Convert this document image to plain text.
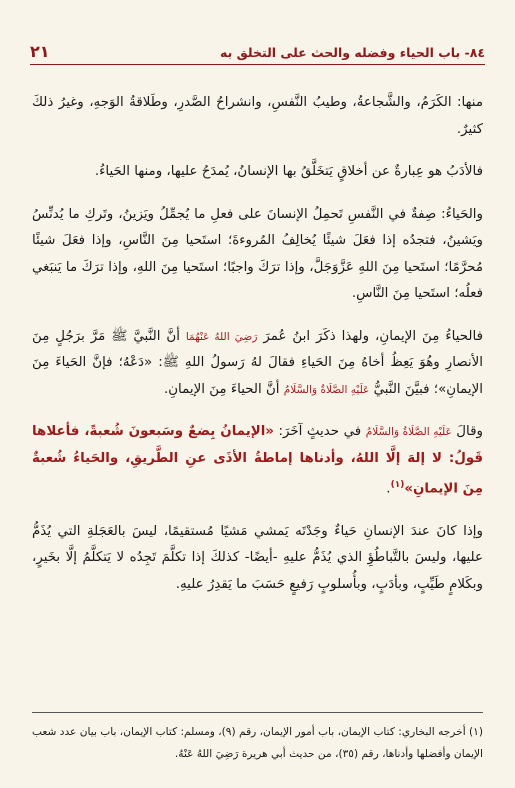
٨٤- باب الحياء وفضله والحث على التخلق به
٢١

منها: الكَرَمُ، والشَّجاعةُ، وطيبُ النَّفسِ، وانشراحُ الصَّدرِ، وطَلاقةُ الوَجهِ، وغيرُ ذلكَ كثيرٌ.

فالأدَبُ هو عِبارةٌ عن أخلاقٍ يَتخَلَّقُ بها الإنسانُ، يُمدَحُ عليها، ومنها الحَياءُ.

والحَياءُ: صِفةٌ في النَّفسِ تَحمِلُ الإنسانَ على فعلِ ما يُجمِّلُ ويَزينُ، وتَركِ ما يُدنِّسُ ويَشينُ، فتجدُه إذا فعَلَ شيئًا يُخالِفُ المُروءةَ؛ استَحيا مِنَ النَّاسِ، وإذا فعَلَ شيئًا مُحرَّمًا؛ استَحيا مِنَ اللهِ عَزَّوَجَلَّ، وإذا ترَكَ واجبًا؛ استَحيا مِنَ اللهِ، وإذا ترَكَ ما يَنبَغي فعلُه؛ استَحيا مِنَ النَّاسِ.

فالحياءُ مِنَ الإيمانِ، ولهذا ذكَرَ ابنُ عُمرَ رَضِيَ اللهُ عَنْهُمَا أنَّ النَّبيَّ ﷺ مَرَّ برَجُلٍ مِنَ الأنصارِ وهُوَ يَعِظُ أخاهُ مِنَ الحَياءِ فقالَ لهُ رَسولُ اللهِ ﷺ: «دَعْهُ؛ فإنَّ الحَياءَ مِنَ الإيمانِ»؛ فبيَّنَ النَّبيُّ عَلَيْهِ الصَّلَاةُ وَالسَّلَامُ أنَّ الحياءَ مِنَ الإيمانِ.

وقالَ عَلَيْهِ الصَّلَاةُ وَالسَّلَامُ في حديثٍ آخَرَ: «الإيمانُ بِضعٌ وسَبعونَ شُعبةً، فأعلاها قَولُ: لا إلهَ إلَّا اللهُ، وأدناها إماطةُ الأذَى عنِ الطَّريقِ، والحَياءُ شُعبةٌ مِنَ الإيمانِ»$^{(١)}$.

وإذا كانَ عندَ الإنسانِ حَياءٌ وجَدْتَه يَمشي مَشيًا مُستقيمًا، ليسَ بالعَجَلةِ التي يُذَمُّ عليها، وليسَ بالتَّباطُؤِ الذي يُذَمُّ عليهِ -أيضًا- كذلكَ إذا تكلَّمَ تَجِدُه لا يَتكلَّمُ إلَّا بخَيرٍ، وبكَلامٍ طَيِّبٍ، وبأدَبٍ، وبأُسلوبٍ رَفيعٍ حَسَبَ ما يَقدِرُ عليهِ.

(١) أخرجه البخاري: كتاب الإيمان، باب أمور الإيمان، رقم (٩)، ومسلم: كتاب الإيمان، باب بيان عدد شعب الإيمان وأفضلها وأدناها، رقم (٣٥)، من حديث أبي هريرة رَضِيَ اللهُ عَنْهُ.
